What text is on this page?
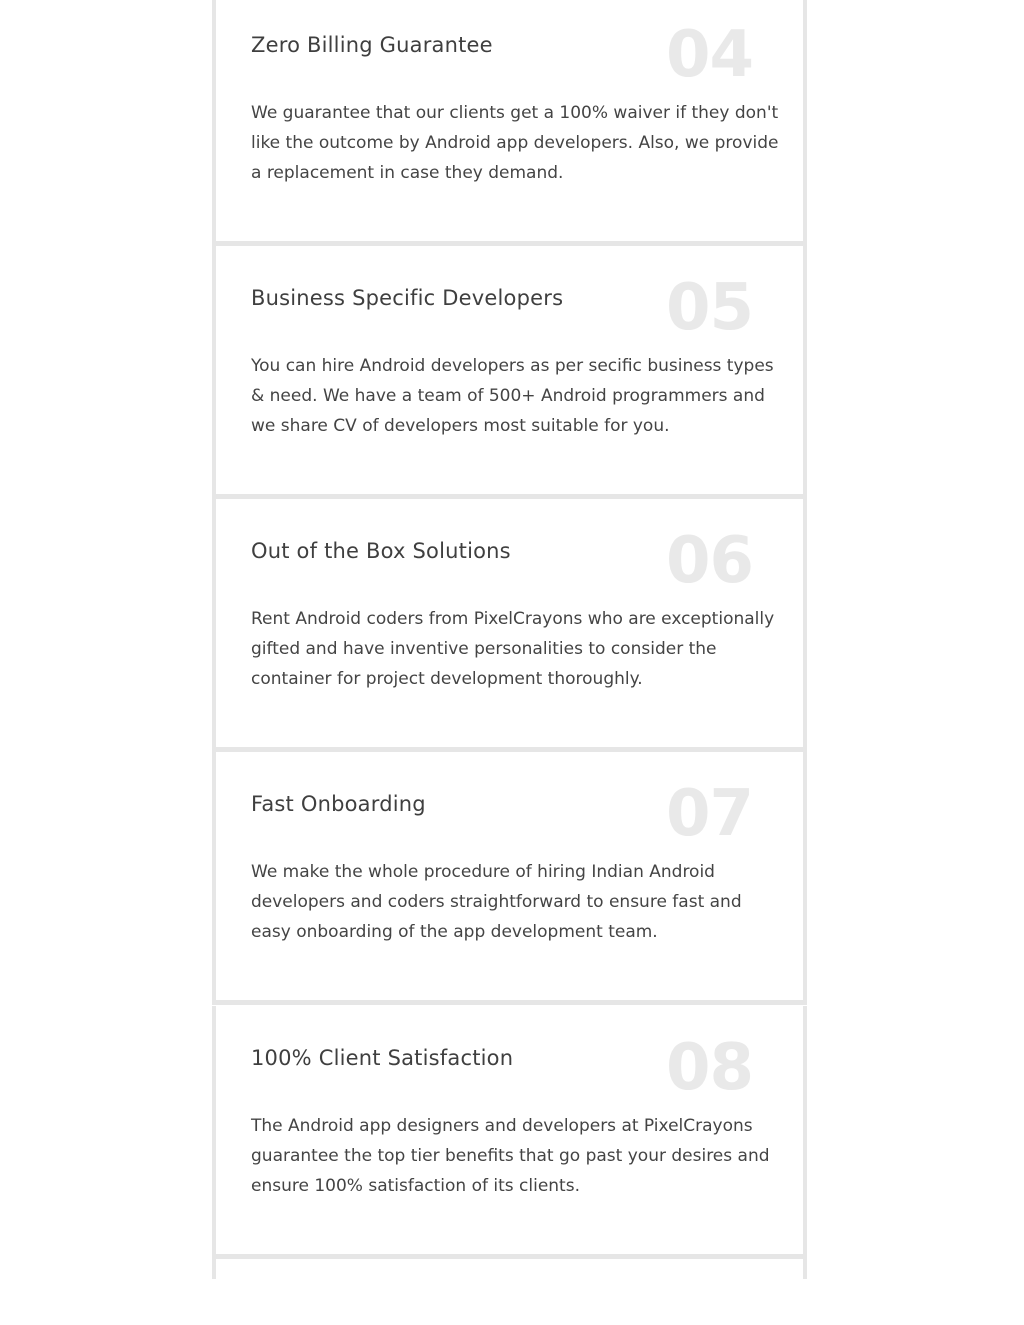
Zero Billing Guarantee	04

We guarantee that our clients get a 100% waiver if they don't like the outcome by Android app developers. Also, we provide a replacement in case they demand.

Business Specific Developers 05

You can hire Android developers as per secific business types & need. We have a team of 500+ Android programmers and we share CV of developers most suitable for you.

Out of the Box Solutions 06

Rent Android coders from PixelCrayons who are exceptionally gifted and have inventive personalities to consider the container for project development thoroughly.

Fast Onboarding	07

We make the whole procedure of hiring Indian Android developers and coders straightforward to ensure fast and easy onboarding of the app development team.

100% Client Satisfaction 08

The Android app designers and developers at PixelCrayons guarantee the top tier benefits that go past your desires and ensure 100% satisfaction of its clients.
